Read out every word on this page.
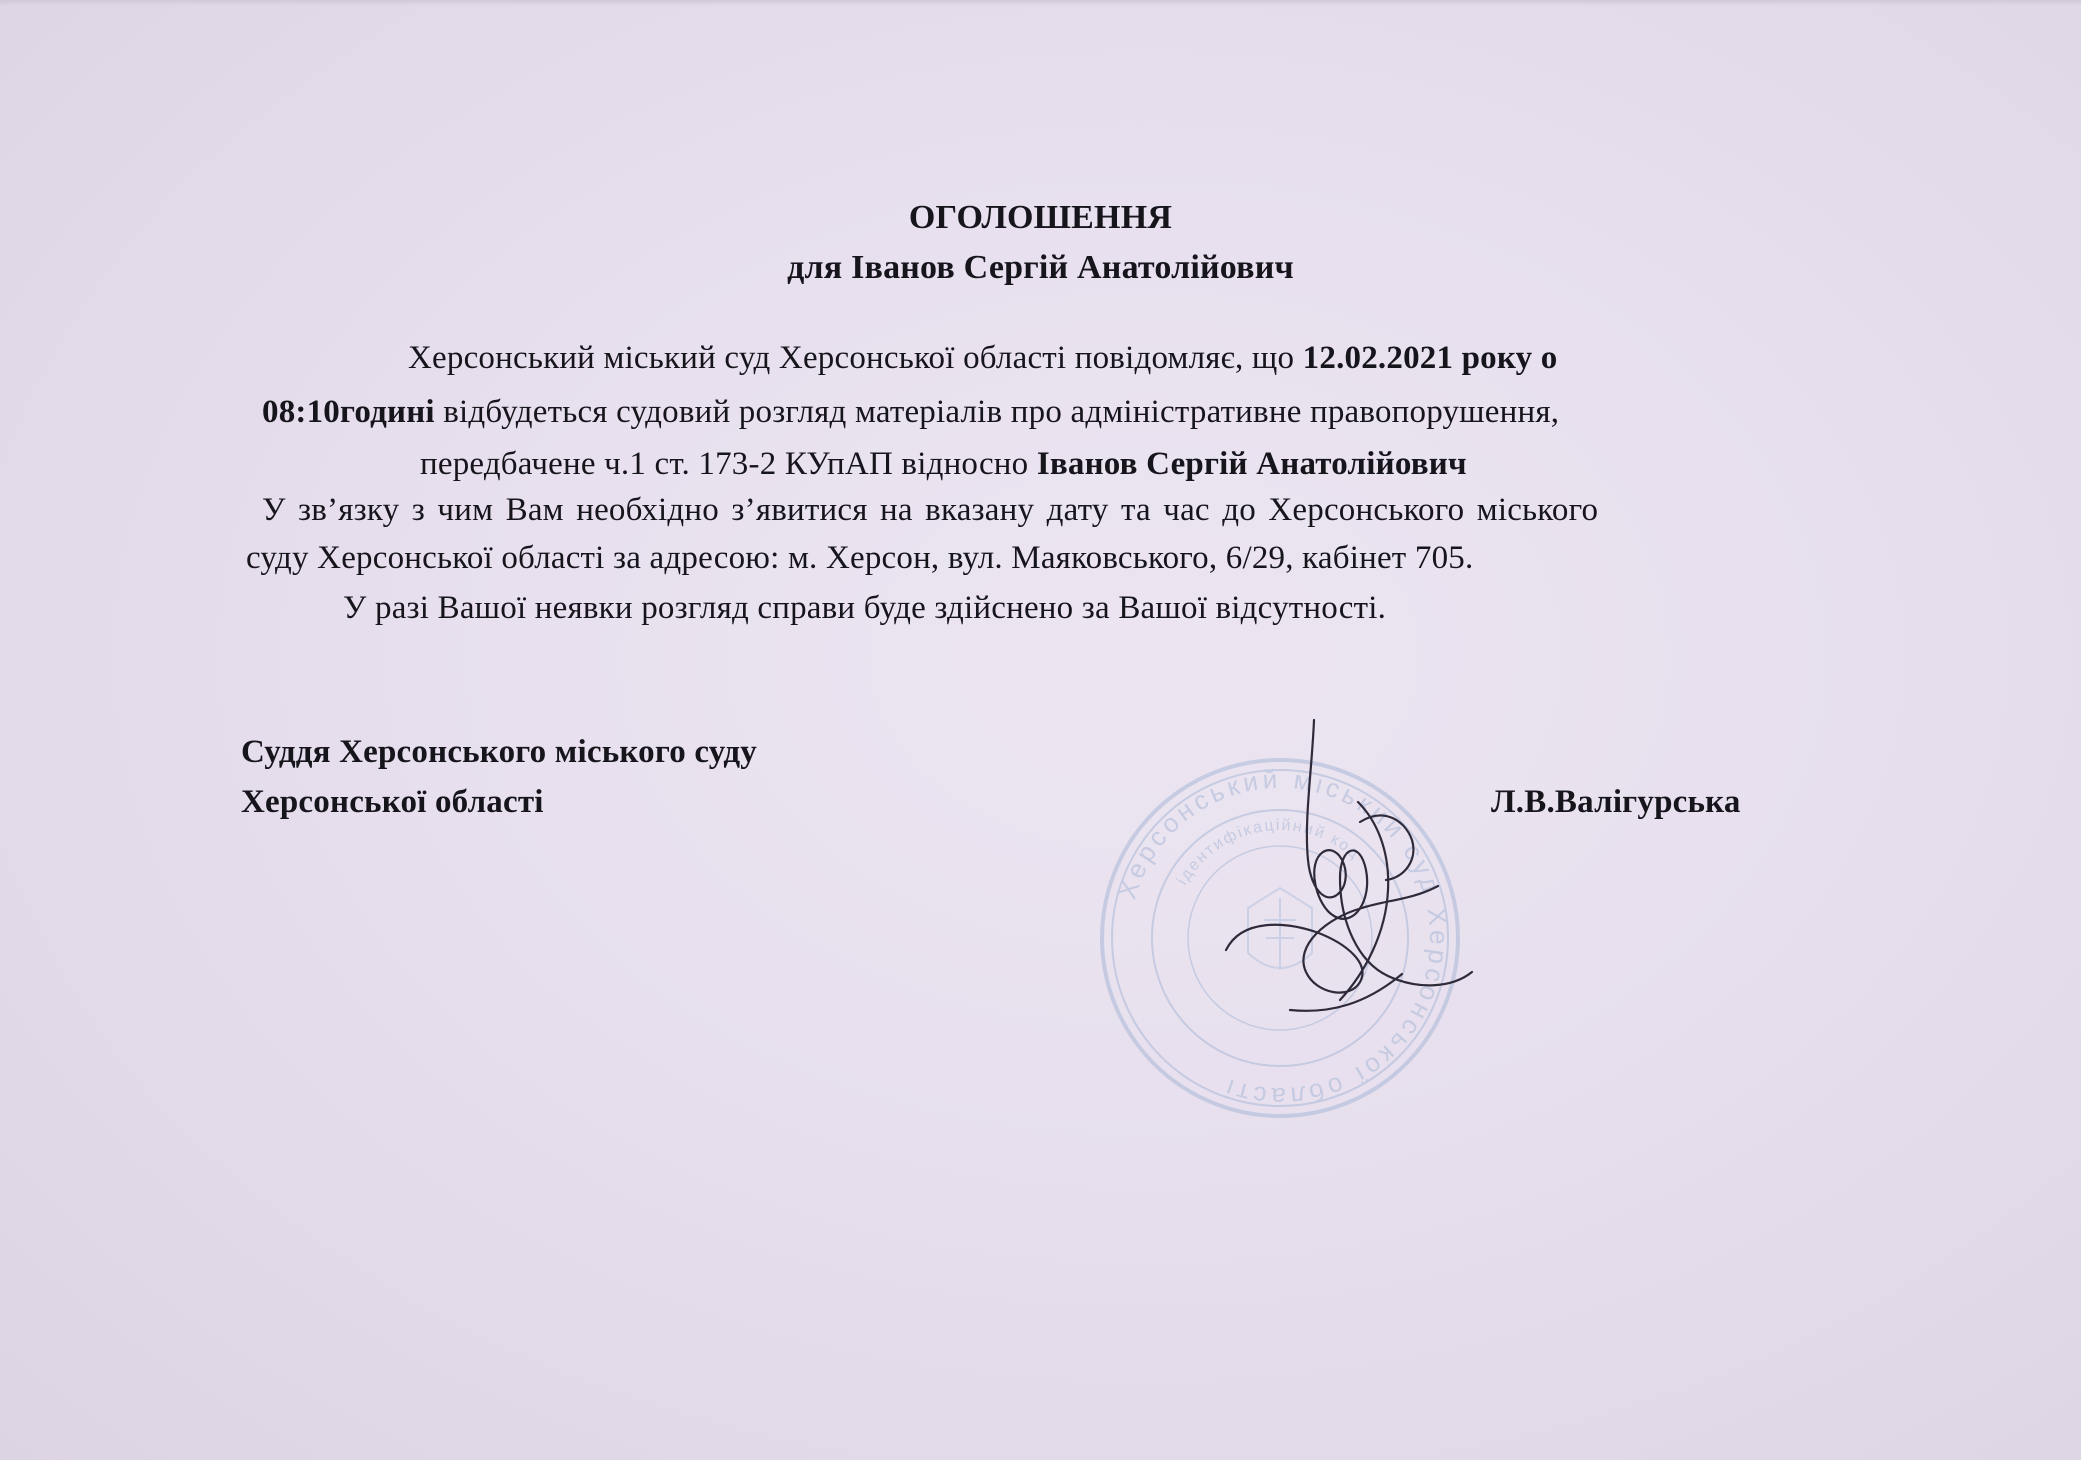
ОГОЛОШЕННЯ

для Іванов Сергій Анатолійович

Херсонський міський суд Херсонської області повідомляє, що 12.02.2021 року о

08:10годині відбудеться судовий розгляд матеріалів про адміністративне правопорушення,

передбачене ч.1 ст. 173-2 КУпАП відносно Іванов Сергій Анатолійович

У зв’язку з чим Вам необхідно з’явитися на вказану дату та час до Херсонського міського

суду Херсонської області за адресою: м. Херсон, вул. Маяковського, 6/29, кабінет 705.

У разі Вашої неявки розгляд справи буде здійснено за Вашої відсутності.

Суддя Херсонського міського суду

Херсонської області	Л.В.Валігурська

Херсонський міський суд Херсонської області
ідентифікаційний код
